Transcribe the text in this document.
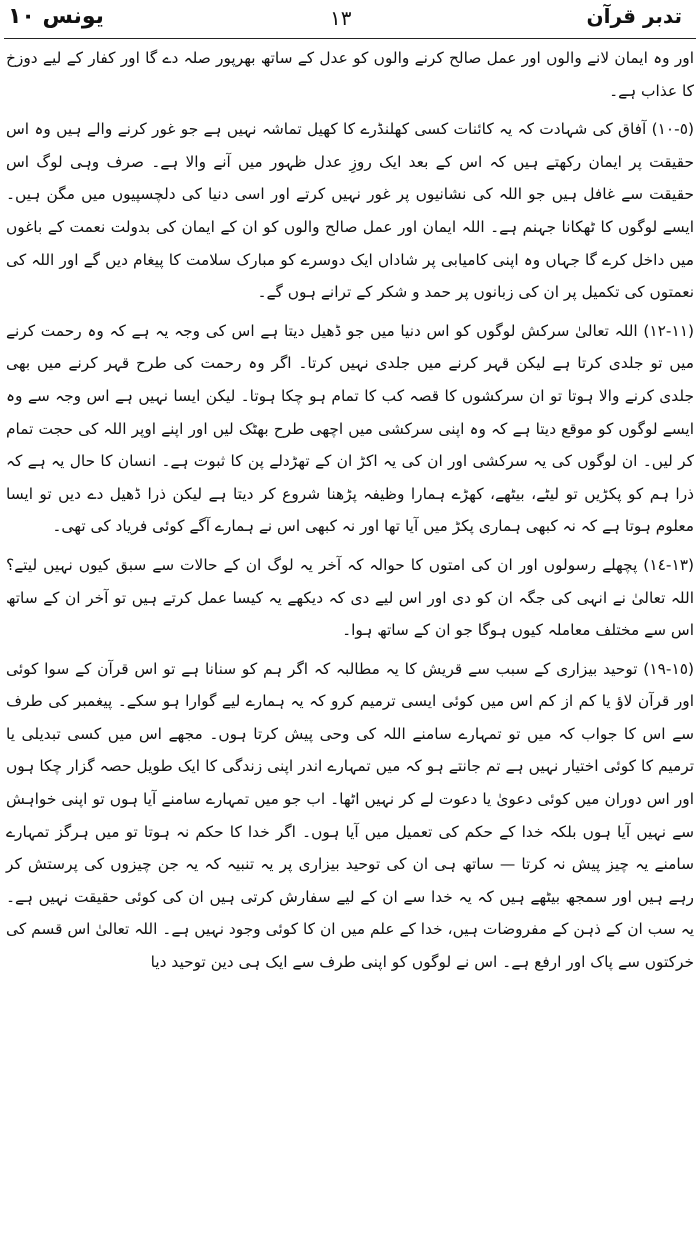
تدبر قرآن
١٣
یونس ١٠

اور وہ ایمان لانے والوں اور عمل صالح کرنے والوں کو عدل کے ساتھ بھرپور صلہ دے گا اور کفار کے لیے دوزخ کا عذاب ہے۔

(٥-١٠) آفاق کی شہادت کہ یہ کائنات کسی کھلنڈرے کا کھیل تماشہ نہیں ہے جو غور کرنے والے ہیں وہ اس حقیقت پر ایمان رکھتے ہیں کہ اس کے بعد ایک روزِ عدل ظہور میں آنے والا ہے۔ صرف وہی لوگ اس حقیقت سے غافل ہیں جو اللہ کی نشانیوں پر غور نہیں کرتے اور اسی دنیا کی دلچسپیوں میں مگن ہیں۔ ایسے لوگوں کا ٹھکانا جہنم ہے۔ اللہ ایمان اور عمل صالح والوں کو ان کے ایمان کی بدولت نعمت کے باغوں میں داخل کرے گا جہاں وہ اپنی کامیابی پر شاداں ایک دوسرے کو مبارک سلامت کا پیغام دیں گے اور اللہ کی نعمتوں کی تکمیل پر ان کی زبانوں پر حمد و شکر کے ترانے ہوں گے۔

(١١-١٢) اللہ تعالیٰ سرکش لوگوں کو اس دنیا میں جو ڈھیل دیتا ہے اس کی وجہ یہ ہے کہ وہ رحمت کرنے میں تو جلدی کرتا ہے لیکن قہر کرنے میں جلدی نہیں کرتا۔ اگر وہ رحمت کی طرح قہر کرنے میں بھی جلدی کرنے والا ہوتا تو ان سرکشوں کا قصہ کب کا تمام ہو چکا ہوتا۔ لیکن ایسا نہیں ہے اس وجہ سے وہ ایسے لوگوں کو موقع دیتا ہے کہ وہ اپنی سرکشی میں اچھی طرح بھٹک لیں اور اپنے اوپر اللہ کی حجت تمام کر لیں۔ ان لوگوں کی یہ سرکشی اور ان کی یہ اکڑ ان کے تھڑدلے پن کا ثبوت ہے۔ انسان کا حال یہ ہے کہ ذرا ہم کو پکڑیں تو لیٹے، بیٹھے، کھڑے ہمارا وظیفہ پڑھنا شروع کر دیتا ہے لیکن ذرا ڈھیل دے دیں تو ایسا معلوم ہوتا ہے کہ نہ کبھی ہماری پکڑ میں آیا تھا اور نہ کبھی اس نے ہمارے آگے کوئی فریاد کی تھی۔

(١٣-١٤) پچھلے رسولوں اور ان کی امتوں کا حوالہ کہ آخر یہ لوگ ان کے حالات سے سبق کیوں نہیں لیتے؟ اللہ تعالیٰ نے انہی کی جگہ ان کو دی اور اس لیے دی کہ دیکھے یہ کیسا عمل کرتے ہیں تو آخر ان کے ساتھ اس سے مختلف معاملہ کیوں ہوگا جو ان کے ساتھ ہوا۔

(١٥-١٩) توحید بیزاری کے سبب سے قریش کا یہ مطالبہ کہ اگر ہم کو سنانا ہے تو اس قرآن کے سوا کوئی اور قرآن لاؤ یا کم از کم اس میں کوئی ایسی ترمیم کرو کہ یہ ہمارے لیے گوارا ہو سکے۔ پیغمبر کی طرف سے اس کا جواب کہ میں تو تمہارے سامنے اللہ کی وحی پیش کرتا ہوں۔ مجھے اس میں کسی تبدیلی یا ترمیم کا کوئی اختیار نہیں ہے تم جانتے ہو کہ میں تمہارے اندر اپنی زندگی کا ایک طویل حصہ گزار چکا ہوں اور اس دوران میں کوئی دعویٰ یا دعوت لے کر نہیں اٹھا۔ اب جو میں تمہارے سامنے آیا ہوں تو اپنی خواہش سے نہیں آیا ہوں بلکہ خدا کے حکم کی تعمیل میں آیا ہوں۔ اگر خدا کا حکم نہ ہوتا تو میں ہرگز تمہارے سامنے یہ چیز پیش نہ کرتا — ساتھ ہی ان کی توحید بیزاری پر یہ تنبیہ کہ یہ جن چیزوں کی پرستش کر رہے ہیں اور سمجھ بیٹھے ہیں کہ یہ خدا سے ان کے لیے سفارش کرتی ہیں ان کی کوئی حقیقت نہیں ہے۔ یہ سب ان کے ذہن کے مفروضات ہیں، خدا کے علم میں ان کا کوئی وجود نہیں ہے۔ اللہ تعالیٰ اس قسم کی خرکتوں سے پاک اور ارفع ہے۔ اس نے لوگوں کو اپنی طرف سے ایک ہی دین توحید دیا
